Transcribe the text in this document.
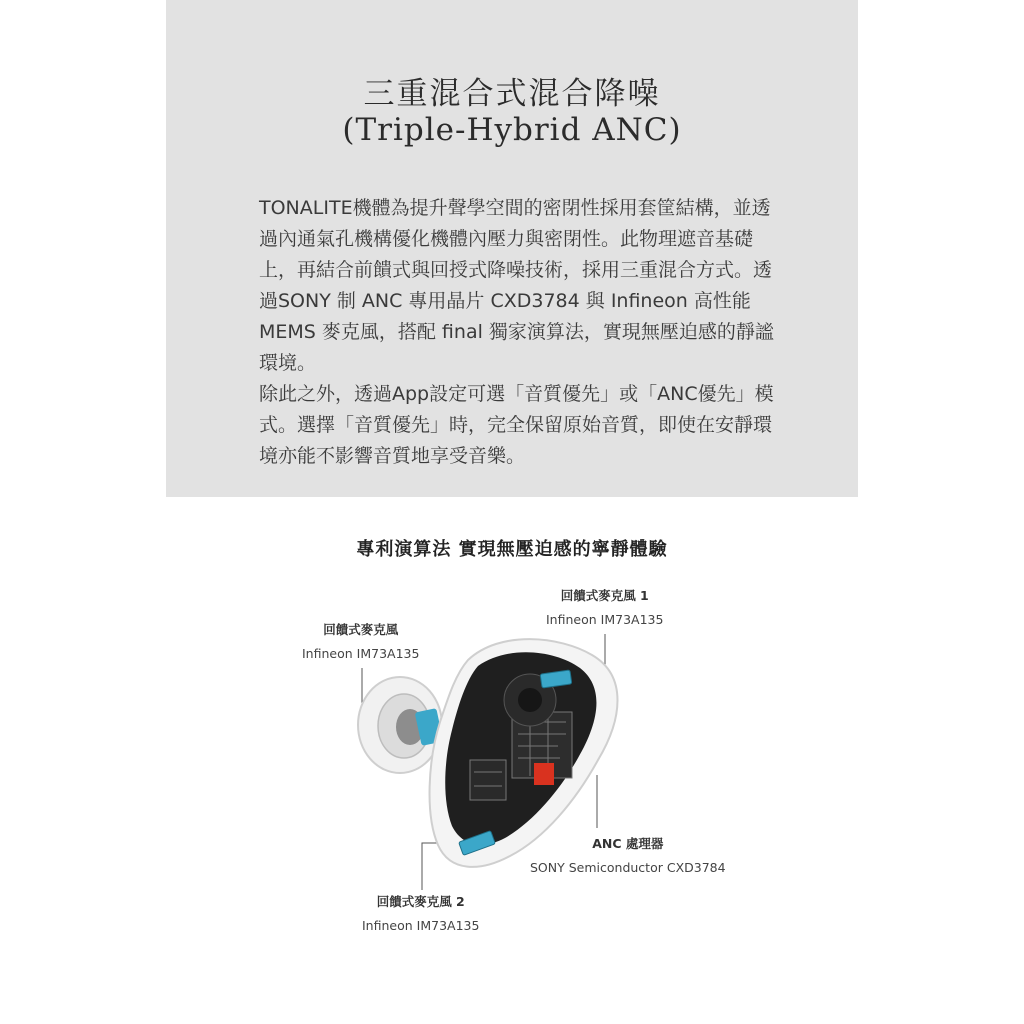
三重混合式混合降噪
(Triple-Hybrid ANC)

TONALITE機體為提升聲學空間的密閉性採用套筐結構，並透過內通氣孔機構優化機體內壓力與密閉性。此物理遮音基礎上，再結合前饋式與回授式降噪技術，採用三重混合方式。透過SONY 制 ANC 專用晶片 CXD3784 與 Infineon 高性能 MEMS 麥克風，搭配 final 獨家演算法，實現無壓迫感的靜謐環境。

除此之外，透過App設定可選「音質優先」或「ANC優先」模式。選擇「音質優先」時，完全保留原始音質，即使在安靜環境亦能不影響音質地享受音樂。

專利演算法 實現無壓迫感的寧靜體驗
回饋式麥克風
Infineon IM73A135
回饋式麥克風 1
Infineon IM73A135
ANC 處理器
SONY Semiconductor CXD3784
回饋式麥克風 2
Infineon IM73A135
